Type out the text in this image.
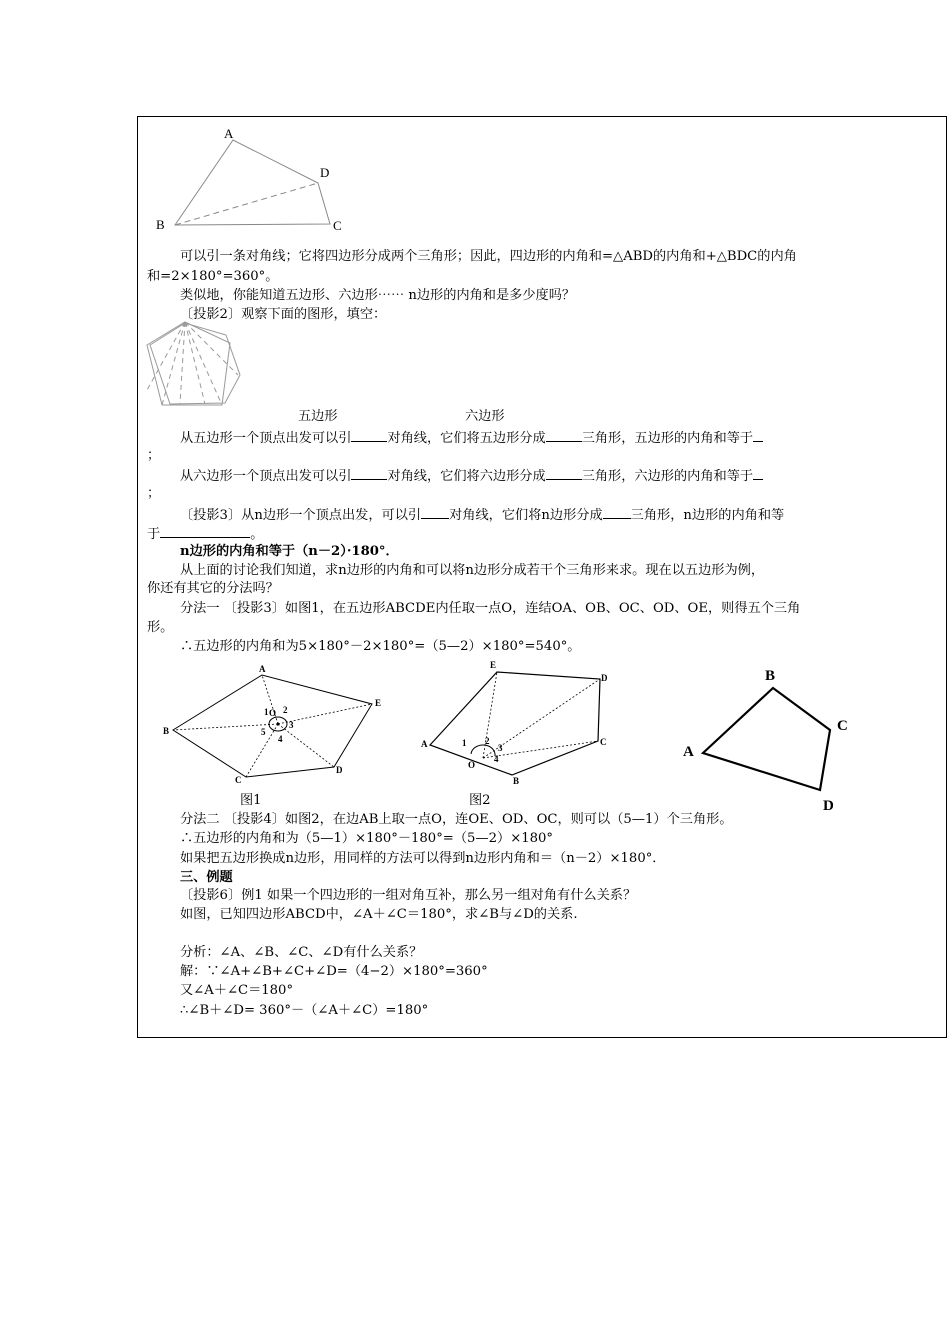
A
B	C
D
可以引一条对角线；它将四边形分成两个三角形；因此，四边形的内角和=△ABD的内角和+△BDC的内角
和=2×180°=360°。
类似地，你能知道五边形、六边形⋯⋯ n边形的内角和是多少度吗？
〔投影2〕观察下面的图形，填空：
五边形	六边形
从五边形一个顶点出发可以引	对角线，它们将五边形分成	三角形，五边形的内角和等于
；
从六边形一个顶点出发可以引	对角线，它们将六边形分成	三角形，六边形的内角和等于
；
〔投影3〕从n边形一个顶点出发，可以引 对角线，它们将n边形分成 三角形，n边形的内角和等
于	。
n边形的内角和等于（n－2）·180°．
从上面的讨论我们知道，求n边形的内角和可以将n边形分成若干个三角形来求。现在以五边形为例，
你还有其它的分法吗？
分法一 〔投影3〕如图1，在五边形ABCDE内任取一点O，连结OA、OB、OC、OD、OE，则得五个三角
形。
∴五边形的内角和为5×180°－2×180°=（5—2）×180°=540°。
A
B
C
D
E
1 2
3
4
5
O
A
B
C
D
E
1 2
3
4
O
A
B
C
D
图1	图2
分法二 〔投影4〕如图2，在边AB上取一点O，连OE、OD、OC，则可以（5—1）个三角形。
∴五边形的内角和为（5—1）×180°－180°=（5—2）×180°
如果把五边形换成n边形，用同样的方法可以得到n边形内角和＝（n－2）×180°．
三、例题
〔投影6〕例1 如果一个四边形的一组对角互补，那么另一组对角有什么关系？
如图，已知四边形ABCD中，∠A＋∠C＝180°，求∠B与∠D的关系.
分析：∠A、∠B、∠C、∠D有什么关系？
解：∵∠A+∠B+∠C+∠D=（4−2）×180°=360°
又∠A＋∠C＝180°
∴∠B＋∠D= 360°－（∠A＋∠C）=180°
